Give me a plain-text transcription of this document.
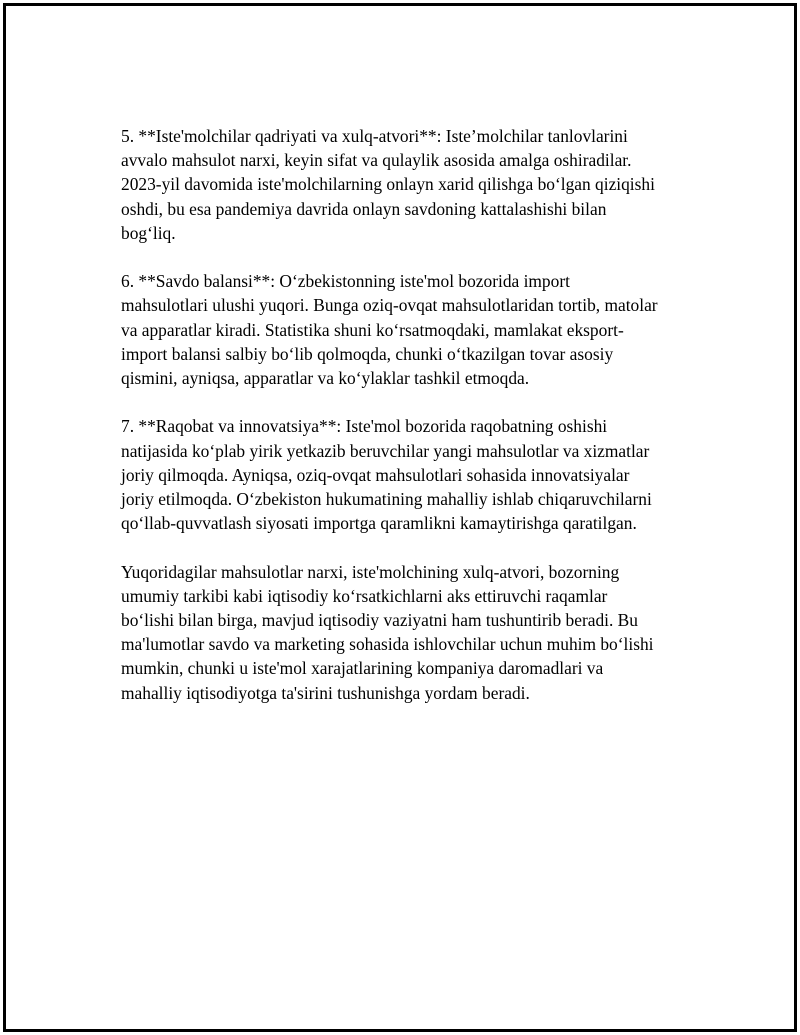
5. **Iste'molchilar qadriyati va xulq-atvori**: Iste’molchilar tanlovlarini
avvalo mahsulot narxi, keyin sifat va qulaylik asosida amalga oshiradilar.
2023-yil davomida iste'molchilarning onlayn xarid qilishga bo‘lgan qiziqishi
oshdi, bu esa pandemiya davrida onlayn savdoning kattalashishi bilan
bog‘liq.

6. **Savdo balansi**: O‘zbekistonning iste'mol bozorida import
mahsulotlari ulushi yuqori. Bunga oziq-ovqat mahsulotlaridan tortib, matolar
va apparatlar kiradi. Statistika shuni ko‘rsatmoqdaki, mamlakat eksport-
import balansi salbiy bo‘lib qolmoqda, chunki o‘tkazilgan tovar asosiy
qismini, ayniqsa, apparatlar va ko‘ylaklar tashkil etmoqda.

7. **Raqobat va innovatsiya**: Iste'mol bozorida raqobatning oshishi
natijasida ko‘plab yirik yetkazib beruvchilar yangi mahsulotlar va xizmatlar
joriy qilmoqda. Ayniqsa, oziq-ovqat mahsulotlari sohasida innovatsiyalar
joriy etilmoqda. O‘zbekiston hukumatining mahalliy ishlab chiqaruvchilarni
qo‘llab-quvvatlash siyosati importga qaramlikni kamaytirishga qaratilgan.

Yuqoridagilar mahsulotlar narxi, iste'molchining xulq-atvori, bozorning
umumiy tarkibi kabi iqtisodiy ko‘rsatkichlarni aks ettiruvchi raqamlar
bo‘lishi bilan birga, mavjud iqtisodiy vaziyatni ham tushuntirib beradi. Bu
ma'lumotlar savdo va marketing sohasida ishlovchilar uchun muhim bo‘lishi
mumkin, chunki u iste'mol xarajatlarining kompaniya daromadlari va
mahalliy iqtisodiyotga ta'sirini tushunishga yordam beradi.
